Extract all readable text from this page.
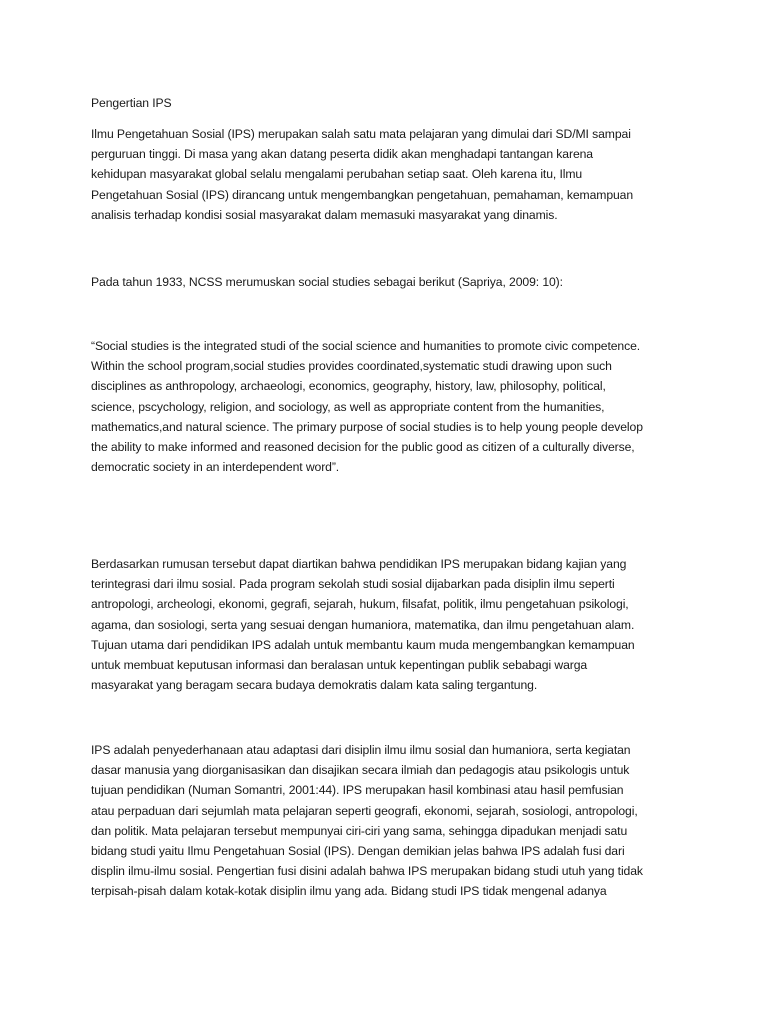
Pengertian IPS

Ilmu Pengetahuan Sosial (IPS) merupakan salah satu mata pelajaran yang dimulai dari SD/MI sampai
perguruan tinggi. Di masa yang akan datang peserta didik akan menghadapi tantangan karena
kehidupan masyarakat global selalu mengalami perubahan setiap saat. Oleh karena itu, Ilmu
Pengetahuan Sosial (IPS) dirancang untuk mengembangkan pengetahuan, pemahaman, kemampuan
analisis terhadap kondisi sosial masyarakat dalam memasuki masyarakat yang dinamis.

Pada tahun 1933, NCSS merumuskan social studies sebagai berikut (Sapriya, 2009: 10):

“Social studies is the integrated studi of the social science and humanities to promote civic competence.
Within the school program,social studies provides coordinated,systematic studi drawing upon such
disciplines as anthropology, archaeologi, economics, geography, history, law, philosophy, political,
science, pscychology, religion, and sociology, as well as appropriate content from the humanities,
mathematics,and natural science. The primary purpose of social studies is to help young people develop
the ability to make informed and reasoned decision for the public good as citizen of a culturally diverse,
democratic society in an interdependent word”.

Berdasarkan rumusan tersebut dapat diartikan bahwa pendidikan IPS merupakan bidang kajian yang
terintegrasi dari ilmu sosial. Pada program sekolah studi sosial dijabarkan pada disiplin ilmu seperti
antropologi, archeologi, ekonomi, gegrafi, sejarah, hukum, filsafat, politik, ilmu pengetahuan psikologi,
agama, dan sosiologi, serta yang sesuai dengan humaniora, matematika, dan ilmu pengetahuan alam.
Tujuan utama dari pendidikan IPS adalah untuk membantu kaum muda mengembangkan kemampuan
untuk membuat keputusan informasi dan beralasan untuk kepentingan publik sebabagi warga
masyarakat yang beragam secara budaya demokratis dalam kata saling tergantung.

IPS adalah penyederhanaan atau adaptasi dari disiplin ilmu ilmu sosial dan humaniora, serta kegiatan
dasar manusia yang diorganisasikan dan disajikan secara ilmiah dan pedagogis atau psikologis untuk
tujuan pendidikan (Numan Somantri, 2001:44). IPS merupakan hasil kombinasi atau hasil pemfusian
atau perpaduan dari sejumlah mata pelajaran seperti geografi, ekonomi, sejarah, sosiologi, antropologi,
dan politik. Mata pelajaran tersebut mempunyai ciri-ciri yang sama, sehingga dipadukan menjadi satu
bidang studi yaitu Ilmu Pengetahuan Sosial (IPS). Dengan demikian jelas bahwa IPS adalah fusi dari
displin ilmu-ilmu sosial. Pengertian fusi disini adalah bahwa IPS merupakan bidang studi utuh yang tidak
terpisah-pisah dalam kotak-kotak disiplin ilmu yang ada. Bidang studi IPS tidak mengenal adanya
